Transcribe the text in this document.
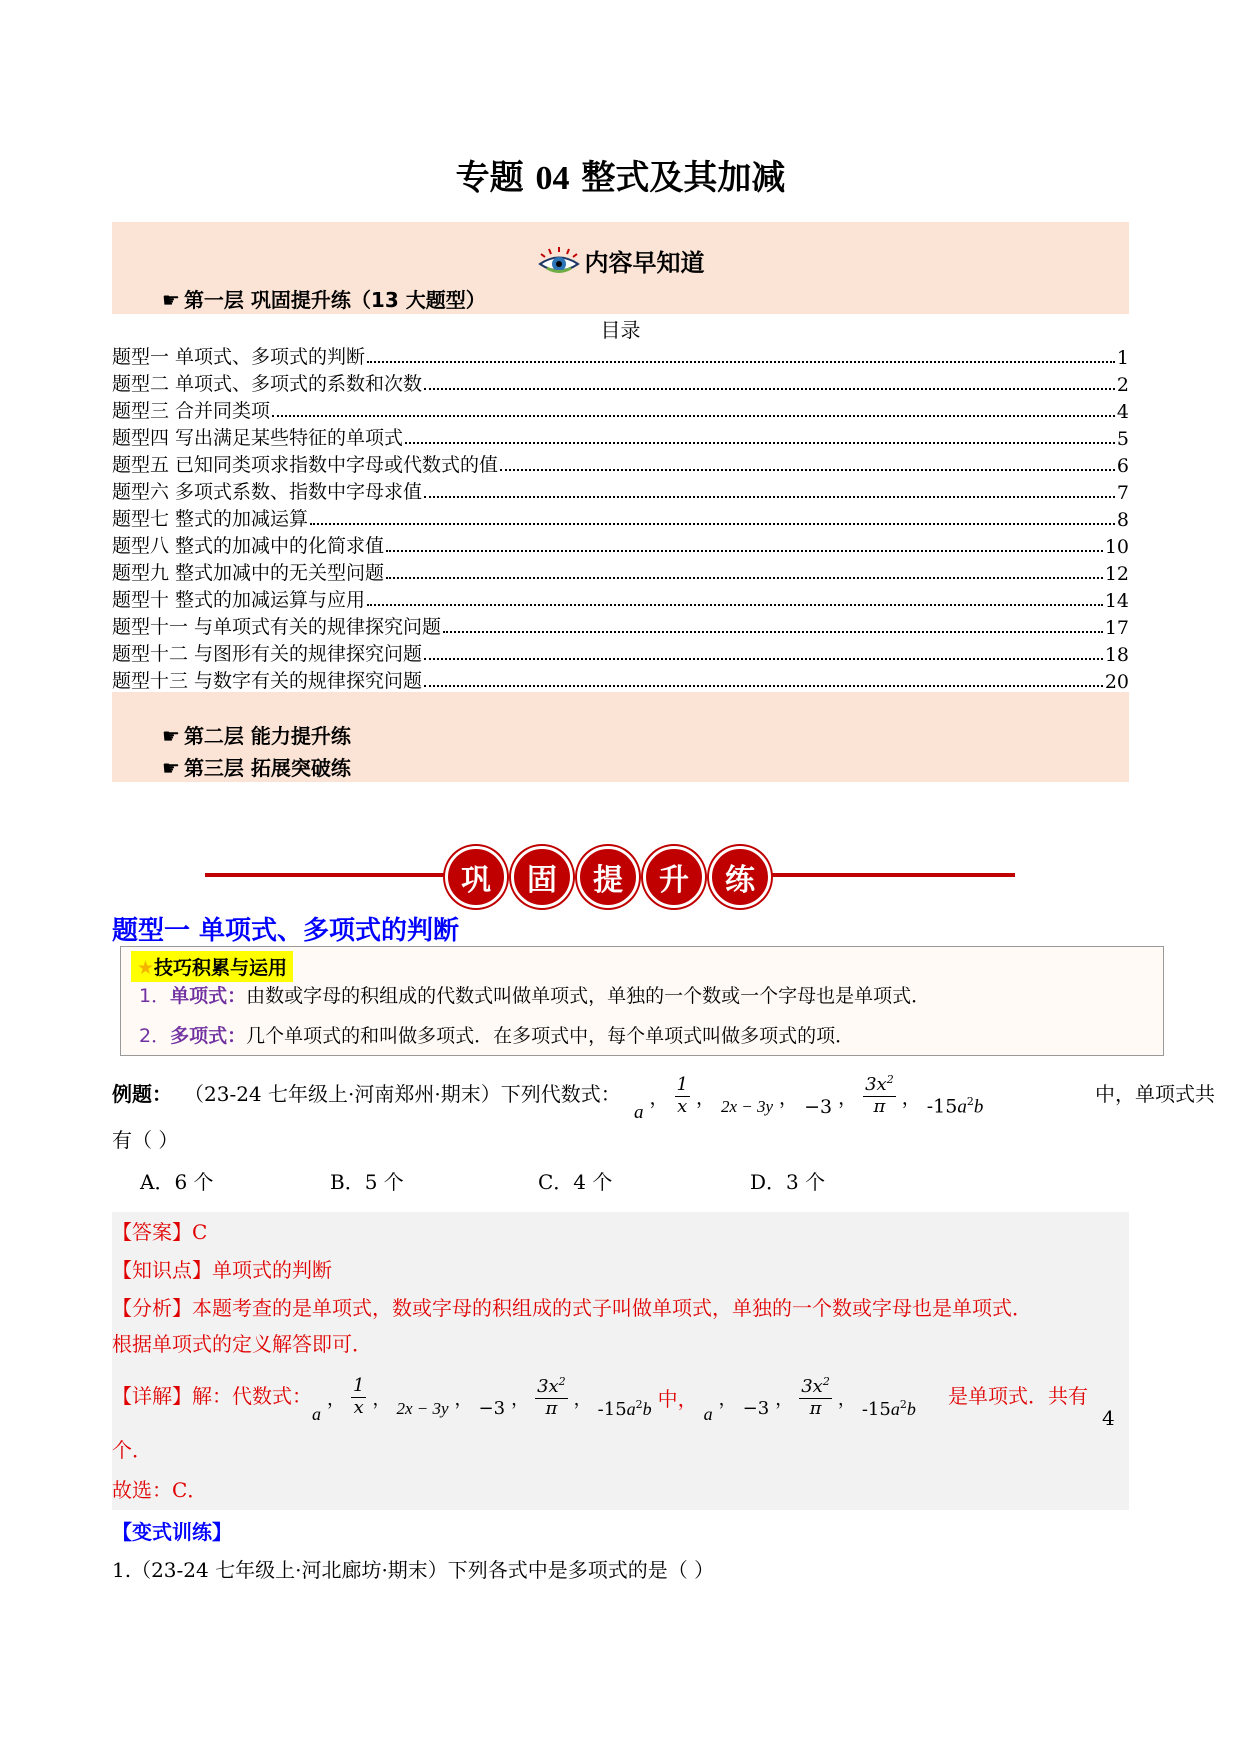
专题 04 整式及其加减
内容早知道
☛ 第一层 巩固提升练（13 大题型）
目录
题型一 单项式、多项式的判断	1
题型二 单项式、多项式的系数和次数	2
题型三 合并同类项	4
题型四 写出满足某些特征的单项式	5
题型五 已知同类项求指数中字母或代数式的值	6
题型六 多项式系数、指数中字母求值	7
题型七 整式的加减运算	8
题型八 整式的加减中的化简求值	10
题型九 整式加减中的无关型问题	12
题型十 整式的加减运算与应用	14
题型十一 与单项式有关的规律探究问题	17
题型十二 与图形有关的规律探究问题	18
题型十三 与数字有关的规律探究问题	20
☛ 第二层 能力提升练
☛ 第三层 拓展突破练
巩	固	提	升	练
题型一 单项式、多项式的判断
★技巧积累与运用
1．单项式：由数或字母的积组成的代数式叫做单项式，单独的一个数或一个字母也是单项式．
2．多项式：几个单项式的和叫做多项式．在多项式中，每个单项式叫做多项式的项．
例题： （23-24 七年级上·河南郑州·期末）下列代数式：
a
， $\frac{1}{x}$ ， 2x − 3y ， −3 ， $\frac{3x^2}{\pi}$ ， $-15a^2b$
中，单项式共
有（ ）
A．6 个	B．5 个	C．4 个	D．3 个
【答案】C
【知识点】单项式的判断
【分析】本题考查的是单项式，数或字母的积组成的式子叫做单项式，单独的一个数或字母也是单项式．
根据单项式的定义解答即可．
【详解】解：代数式：
a
， $\frac{1}{x}$ ， 2x − 3y ， −3 ， $\frac{3x^2}{\pi}$ ， $-15a^2b$ 中，
a
， −3 ， $\frac{3x^2}{\pi}$ ， $-15a^2b$
是单项式．共有
4
个．
故选：C．
【变式训练】
1.（23-24 七年级上·河北廊坊·期末）下列各式中是多项式的是（ ）
